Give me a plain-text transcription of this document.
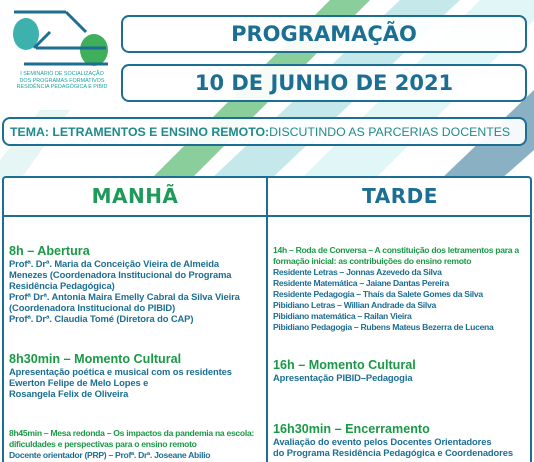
I SEMINÁRIO DE SOCIALIZAÇÃO
DOS PROGRAMAS FORMATIVOS
RESIDÊNCIA PEDAGÓGICA E PIBID
PROGRAMAÇÃO
10 DE JUNHO DE 2021
TEMA: LETRAMENTOS E ENSINO REMOTO: DISCUTINDO AS PARCERIAS DOCENTES
MANHÃ	TARDE
8h – Abertura
Profª. Drª. Maria da Conceição Vieira de Almeida
Menezes (Coordenadora Institucional do Programa
Residência Pedagógica)
Profª Drª. Antonia Maira Emelly Cabral da Silva Vieira
(Coordenadora Institucional do PIBID)
Profª. Drª. Claudia Tomé (Diretora do CAP)
8h30min – Momento Cultural
Apresentação poética e musical com os residentes
Ewerton Felipe de Melo Lopes e
Rosangela Felix de Oliveira
8h45min – Mesa redonda – Os impactos da pandemia na escola:
dificuldades e perspectivas para o ensino remoto
Docente orientador (PRP) – Profª. Drª. Joseane Abilio
14h – Roda de Conversa – A constituição dos letramentos para a
formação inicial: as contribuições do ensino remoto
Residente Letras – Jonnas Azevedo da Silva
Residente Matemática – Jaiane Dantas Pereira
Residente Pedagogia – Thaís da Salete Gomes da Silva
Pibidiano Letras – Willian Andrade da Silva
Pibidiano matemática – Railan Vieira
Pibidiano Pedagogia – Rubens Mateus Bezerra de Lucena
16h – Momento Cultural
Apresentação PIBID–Pedagogia
16h30min – Encerramento
Avaliação do evento pelos Docentes Orientadores
do Programa Residência Pedagógica e Coordenadores
